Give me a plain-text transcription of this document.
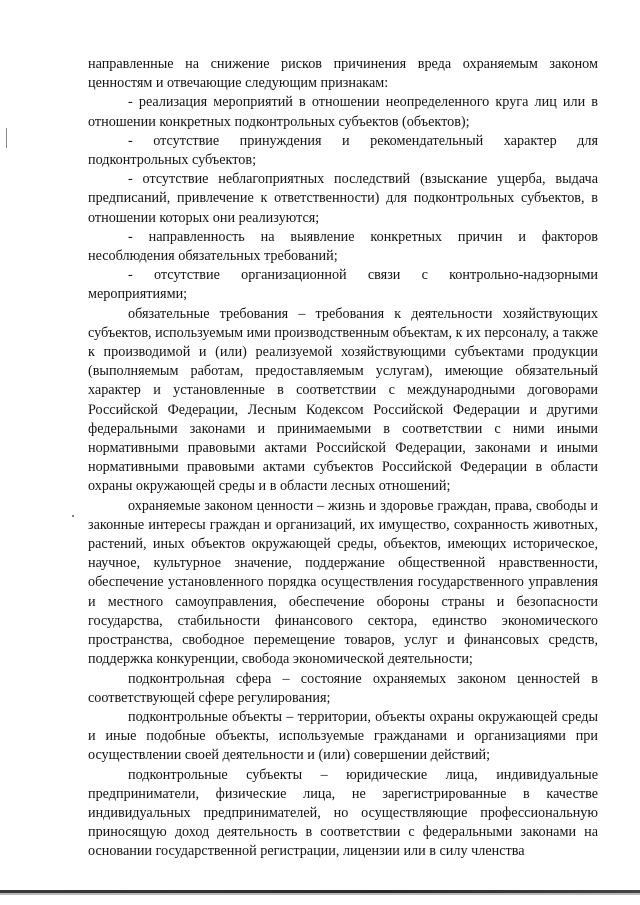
направленные на снижение рисков причинения вреда охраняемым законом ценностям и отвечающие следующим признакам:

- реализация мероприятий в отношении неопределенного круга лиц или в отношении конкретных подконтрольных субъектов (объектов);

- отсутствие принуждения и рекомендательный характер для подконтрольных субъектов;

- отсутствие неблагоприятных последствий (взыскание ущерба, выдача предписаний, привлечение к ответственности) для подконтрольных субъектов, в отношении которых они реализуются;

- направленность на выявление конкретных причин и факторов несоблюдения обязательных требований;

- отсутствие организационной связи с контрольно-надзорными мероприятиями;

обязательные требования – требования к деятельности хозяйствующих субъектов, используемым ими производственным объектам, к их персоналу, а также к производимой и (или) реализуемой хозяйствующими субъектами продукции (выполняемым работам, предоставляемым услугам), имеющие обязательный характер и установленные в соответствии с международными договорами Российской Федерации, Лесным Кодексом Российской Федерации и другими федеральными законами и принимаемыми в соответствии с ними иными нормативными правовыми актами Российской Федерации, законами и иными нормативными правовыми актами субъектов Российской Федерации в области охраны окружающей среды и в области лесных отношений;

охраняемые законом ценности – жизнь и здоровье граждан, права, свободы и законные интересы граждан и организаций, их имущество, сохранность животных, растений, иных объектов окружающей среды, объектов, имеющих историческое, научное, культурное значение, поддержание общественной нравственности, обеспечение установленного порядка осуществления государственного управления и местного самоуправления, обеспечение обороны страны и безопасности государства, стабильности финансового сектора, единство экономического пространства, свободное перемещение товаров, услуг и финансовых средств, поддержка конкуренции, свобода экономической деятельности;

подконтрольная сфера – состояние охраняемых законом ценностей в соответствующей сфере регулирования;

подконтрольные объекты – территории, объекты охраны окружающей среды и иные подобные объекты, используемые гражданами и организациями при осуществлении своей деятельности и (или) совершении действий;

подконтрольные субъекты – юридические лица, индивидуальные предприниматели, физические лица, не зарегистрированные в качестве индивидуальных предпринимателей, но осуществляющие профессиональную приносящую доход деятельность в соответствии с федеральными законами на основании государственной регистрации, лицензии или в силу членства
